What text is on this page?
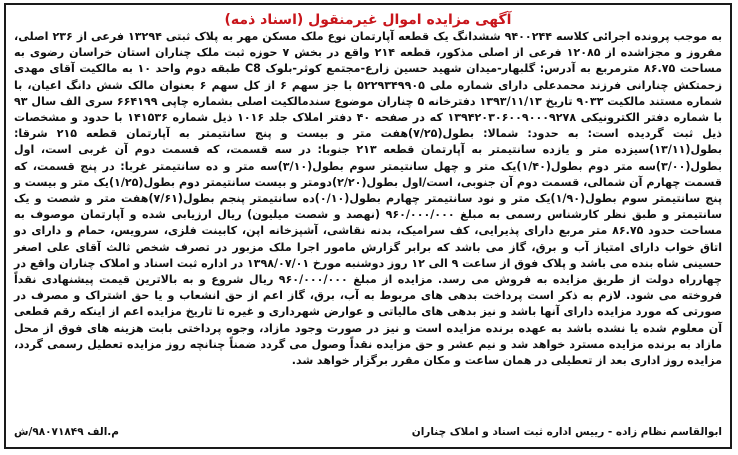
آگهی مزایده اموال غیرمنقول (اسناد ذمه)
به موجب پرونده اجرائی کلاسه ۹۴۰۰۲۴۴ ششدانگ یک قطعه آپارتمان نوع ملک مسکن مهر به پلاک ثبتی ۱۳۲۹۴ فرعی از ۲۳۶ اصلی، مفروز و مجزاشده از ۱۲۰۸۵ فرعی از اصلی مذکور، قطعه ۲۱۴ واقع در بخش ۷ حوزه ثبت ملک چناران استان خراسان رضوی به مساحت ۸۶.۷۵ مترمربع به آدرس: گلبهار-میدان شهید حسین زارع-مجتمع کوثر-بلوک C8 طبقه دوم واحد ۱۰ به مالکیت آقای مهدی زحمتکش چنارانی فرزند محمدعلی دارای شماره ملی ۵۲۲۹۳۴۹۹۰۵ با جز سهم ۶ از کل سهم ۶ بعنوان مالک شش دانگ اعیان، با شماره مستند مالکیت ۹۰۳۳ تاریخ ۱۳۹۳/۱۱/۱۳ دفترخانه ۵ چناران موضوع سندمالکیت اصلی بشماره چاپی ۶۶۴۱۹۹ سری الف سال ۹۳ با شماره دفتر الکترونیکی ۱۳۹۴۲۰۳۰۶۰۰۹۰۰۰۹۲۷۸ که در صفحه ۴۰ دفتر املاک جلد ۱۰۱۶ ذیل شماره ۱۴۱۵۳۶ با حدود و مشخصات ذیل ثبت گردیده است: به حدود: شمالا: بطول(۷/۲۵)هفت متر و بیست و پنج سانتیمتر به آپارتمان قطعه ۲۱۵ شرقا: بطول(۱۳/۱۱)سیزده متر و یازده سانتیمتر به آپارتمان قطعه ۲۱۳ جنوبا: در سه قسمت، که قسمت دوم آن غربی است، اول بطول(۳/۰۰)سه متر دوم بطول(۱/۴۰)یک متر و چهل سانتیمتر سوم بطول(۳/۱۰)سه متر و ده سانتیمتر غربا: در پنج قسمت، که قسمت چهارم آن شمالی، قسمت دوم آن جنوبی، است/اول بطول(۲/۲۰)دومتر و بیست سانتیمتر دوم بطول(۱/۲۵)یک متر و بیست و پنج سانتیمتر سوم بطول(۱/۹۰)یک متر و نود سانتیمتر چهارم بطول(۰/۱۰)ده سانتیمتر پنجم بطول(۷/۶۱)هفت متر و شصت و یک سانتیمتر و طبق نظر کارشناس رسمی به مبلغ ۹۶۰/۰۰۰/۰۰۰ (نهصد و شصت میلیون) ریال ارزیابی شده و آپارتمان موصوف به مساحت حدود ۸۶.۷۵ متر مربع دارای پذیرایی، کف سرامیک، بدنه نقاشی، آشپزخانه اپن، کابینت فلزی، سرویس، حمام و دارای دو اتاق خواب دارای امتیاز آب و برق، گاز می باشد که برابر گزارش مامور اجرا ملک مزبور در تصرف شخص ثالث آقای علی اصغر حسینی شاه بنده می باشد و پلاک فوق از ساعت ۹ الی ۱۲ روز دوشنبه مورخ ۱۳۹۸/۰۷/۰۱ در اداره ثبت اسناد و املاک چناران واقع در چهارراه دولت از طریق مزایده به فروش می رسد. مزایده از مبلغ ۹۶۰/۰۰۰/۰۰۰ ریال شروع و به بالاترین قیمت پیشنهادی نقداً فروخته می شود. لازم به ذکر است پرداخت بدهی های مربوط به آب، برق، گاز اعم از حق انشعاب و یا حق اشتراک و مصرف در صورتی که مورد مزایده دارای آنها باشد و نیز بدهی های مالیاتی و عوارض شهرداری و غیره تا تاریخ مزایده اعم از اینکه رقم قطعی آن معلوم شده یا نشده باشد به عهده برنده مزایده است و نیز در صورت وجود مازاد، وجوه پرداختی بابت هزینه های فوق از محل مازاد به برنده مزایده مسترد خواهد شد و نیم عشر و حق مزایده نقداً وصول می گردد ضمناً چنانچه روز مزایده تعطیل رسمی گردد، مزایده روز اداری بعد از تعطیلی در همان ساعت و مکان مقرر برگزار خواهد شد.
ابوالقاسم نظام زاده - رییس اداره ثبت اسناد و املاک چناران
م.الف ۹۸۰۷۱۸۴۹/ش
